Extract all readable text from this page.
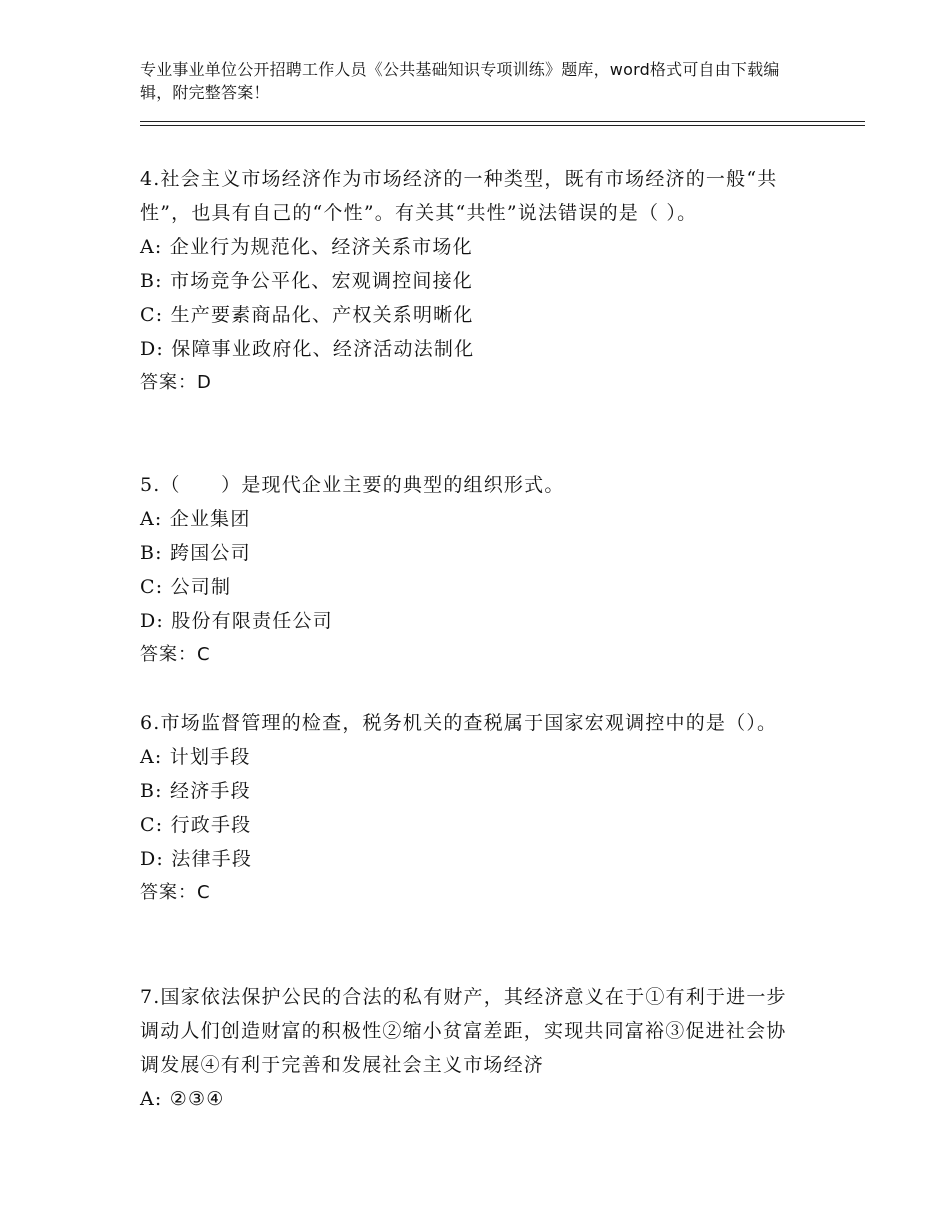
专业事业单位公开招聘工作人员《公共基础知识专项训练》题库，word格式可自由下载编辑，附完整答案！

4.社会主义市场经济作为市场经济的一种类型，既有市场经济的一般“共性”，也具有自己的“个性”。有关其“共性”说法错误的是（ ）。

A: 企业行为规范化、经济关系市场化

B: 市场竞争公平化、宏观调控间接化

C: 生产要素商品化、产权关系明晰化

D: 保障事业政府化、经济活动法制化

答案：D

5.（　　）是现代企业主要的典型的组织形式。

A: 企业集团

B: 跨国公司

C: 公司制

D: 股份有限责任公司

答案：C

6.市场监督管理的检查，税务机关的查税属于国家宏观调控中的是（）。

A: 计划手段

B: 经济手段

C: 行政手段

D: 法律手段

答案：C

7.国家依法保护公民的合法的私有财产，其经济意义在于①有利于进一步调动人们创造财富的积极性②缩小贫富差距，实现共同富裕③促进社会协调发展④有利于完善和发展社会主义市场经济

A: ②③④
